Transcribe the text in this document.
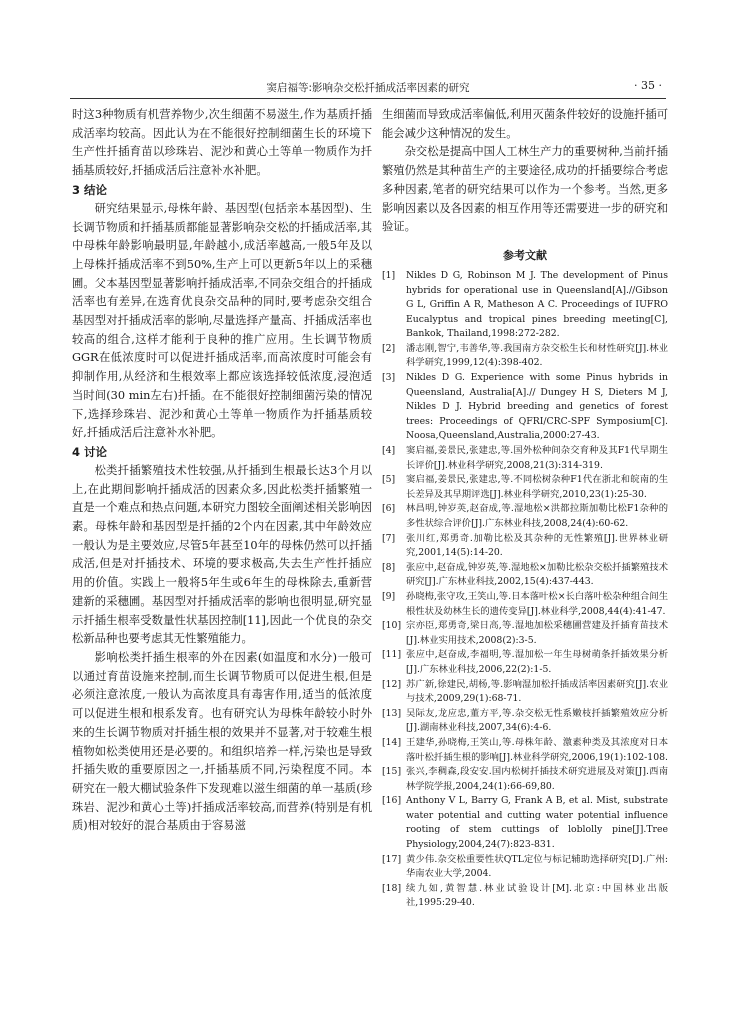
窦启福等:影响杂交松扦插成活率因素的研究	· 35 ·

时这3种物质有机营养物少,次生细菌不易滋生,作为基质扦插成活率均较高。因此认为在不能很好控制细菌生长的环境下生产性扦插育苗以珍珠岩、泥沙和黄心土等单一物质作为扦插基质较好,扦插成活后注意补水补肥。

3 结论

研究结果显示,母株年龄、基因型(包括亲本基因型)、生长调节物质和扦插基质都能显著影响杂交松的扦插成活率,其中母株年龄影响最明显,年龄越小,成活率越高,一般5年及以上母株扦插成活率不到50%,生产上可以更新5年以上的采穗圃。父本基因型显著影响扦插成活率,不同杂交组合的扦插成活率也有差异,在选育优良杂交品种的同时,要考虑杂交组合基因型对扦插成活率的影响,尽量选择产量高、扦插成活率也较高的组合,这样才能利于良种的推广应用。生长调节物质GGR在低浓度时可以促进扦插成活率,而高浓度时可能会有抑制作用,从经济和生根效率上都应该选择较低浓度,浸泡适当时间(30 min左右)扦插。在不能很好控制细菌污染的情况下,选择珍珠岩、泥沙和黄心土等单一物质作为扦插基质较好,扦插成活后注意补水补肥。

4 讨论

松类扦插繁殖技术性较强,从扦插到生根最长达3个月以上,在此期间影响扦插成活的因素众多,因此松类扦插繁殖一直是一个难点和热点问题,本研究力图较全面阐述相关影响因素。母株年龄和基因型是扦插的2个内在因素,其中年龄效应一般认为是主要效应,尽管5年甚至10年的母株仍然可以扦插成活,但是对扦插技术、环境的要求极高,失去生产性扦插应用的价值。实践上一般将5年生或6年生的母株除去,重新营建新的采穗圃。基因型对扦插成活率的影响也很明显,研究显示扦插生根率受数量性状基因控制[11],因此一个优良的杂交松新品种也要考虑其无性繁殖能力。

影响松类扦插生根率的外在因素(如温度和水分)一般可以通过育苗设施来控制,而生长调节物质可以促进生根,但是必须注意浓度,一般认为高浓度具有毒害作用,适当的低浓度可以促进生根和根系发育。也有研究认为母株年龄较小时外来的生长调节物质对扦插生根的效果并不显著,对于较难生根植物如松类使用还是必要的。和组织培养一样,污染也是导致扦插失败的重要原因之一,扦插基质不同,污染程度不同。本研究在一般大棚试验条件下发现难以滋生细菌的单一基质(珍珠岩、泥沙和黄心土等)扦插成活率较高,而营养(特别是有机质)相对较好的混合基质由于容易滋

生细菌而导致成活率偏低,利用灭菌条件较好的设施扦插可能会减少这种情况的发生。

杂交松是提高中国人工林生产力的重要树种,当前扦插繁殖仍然是其种苗生产的主要途径,成功的扦插要综合考虑多种因素,笔者的研究结果可以作为一个参考。当然,更多影响因素以及各因素的相互作用等还需要进一步的研究和验证。

参考文献
[1]	Nikles D G, Robinson M J. The development of Pinus hybrids for operational use in Queensland[A].//Gibson G L, Griffin A R, Matheson A C. Proceedings of IUFRO Eucalyptus and tropical pines breeding meeting[C], Bankok, Thailand,1998:272-282.
[2]	潘志刚,智宁,韦善华,等.我国南方杂交松生长和材性研究[J].林业科学研究,1999,12(4):398-402.
[3]	Nikles D G. Experience with some Pinus hybrids in Queensland, Australia[A].// Dungey H S, Dieters M J, Nikles D J. Hybrid breeding and genetics of forest trees: Proceedings of QFRI/CRC-SPF Symposium[C]. Noosa,Queensland,Australia,2000:27-43.
[4]	窦启福,姜景民,张建忠,等.国外松种间杂交育种及其F1代早期生长评价[J].林业科学研究,2008,21(3):314-319.
[5]	窦启福,姜景民,张建忠,等.不同松树杂种F1代在浙北和皖南的生长差异及其早期评选[J].林业科学研究,2010,23(1):25-30.
[6]	林昌明,钟岁英,赵奋成,等.湿地松×洪都拉斯加勒比松F1杂种的多性状综合评价[J].广东林业科技,2008,24(4):60-62.
[7]	张川红,郑勇奇.加勒比松及其杂种的无性繁殖[J].世界林业研究,2001,14(5):14-20.
[8]	张应中,赵奋成,钟岁英,等.湿地松×加勒比松杂交松扦插繁殖技术研究[J].广东林业科技,2002,15(4):437-443.
[9]	孙晓梅,张守攻,王笑山,等.日本落叶松×长白落叶松杂种组合间生根性状及幼林生长的遗传变异[J].林业科学,2008,44(4):41-47.
[10] 宗亦臣,郑勇奇,梁日高,等.湿地加松采穗圃营建及扦插育苗技术[J].林业实用技术,2008(2):3-5.
[11] 张应中,赵奋成,李福明,等.湿加松一年生母树萌条扦插效果分析[J].广东林业科技,2006,22(2):1-5.
[12] 苏广新,徐建民,胡杨,等.影响湿加松扦插成活率因素研究[J].农业与技术,2009,29(1):68-71.
[13] 吴际友,龙应忠,董方平,等.杂交松无性系嫩枝扦插繁殖效应分析[J].湖南林业科技,2007,34(6):4-6.
[14] 王建华,孙晓梅,王笑山,等.母株年龄、激素种类及其浓度对日本落叶松扦插生根的影响[J].林业科学研究,2006,19(1):102-108.
[15] 张兴,李稠森,段安安.国内松树扦插技术研究进展及对策[J].西南林学院学报,2004,24(1):66-69,80.
[16] Anthony V L, Barry G, Frank A B, et al. Mist, substrate water potential and cutting water potential influence rooting of stem cuttings of loblolly pine[J].Tree Physiology,2004,24(7):823-831.
[17] 黄少伟.杂交松重要性状QTL定位与标记辅助选择研究[D].广州:华南农业大学,2004.
[18] 续九如,黄智慧.林业试验设计[M].北京:中国林业出版社,1995:29-40.
